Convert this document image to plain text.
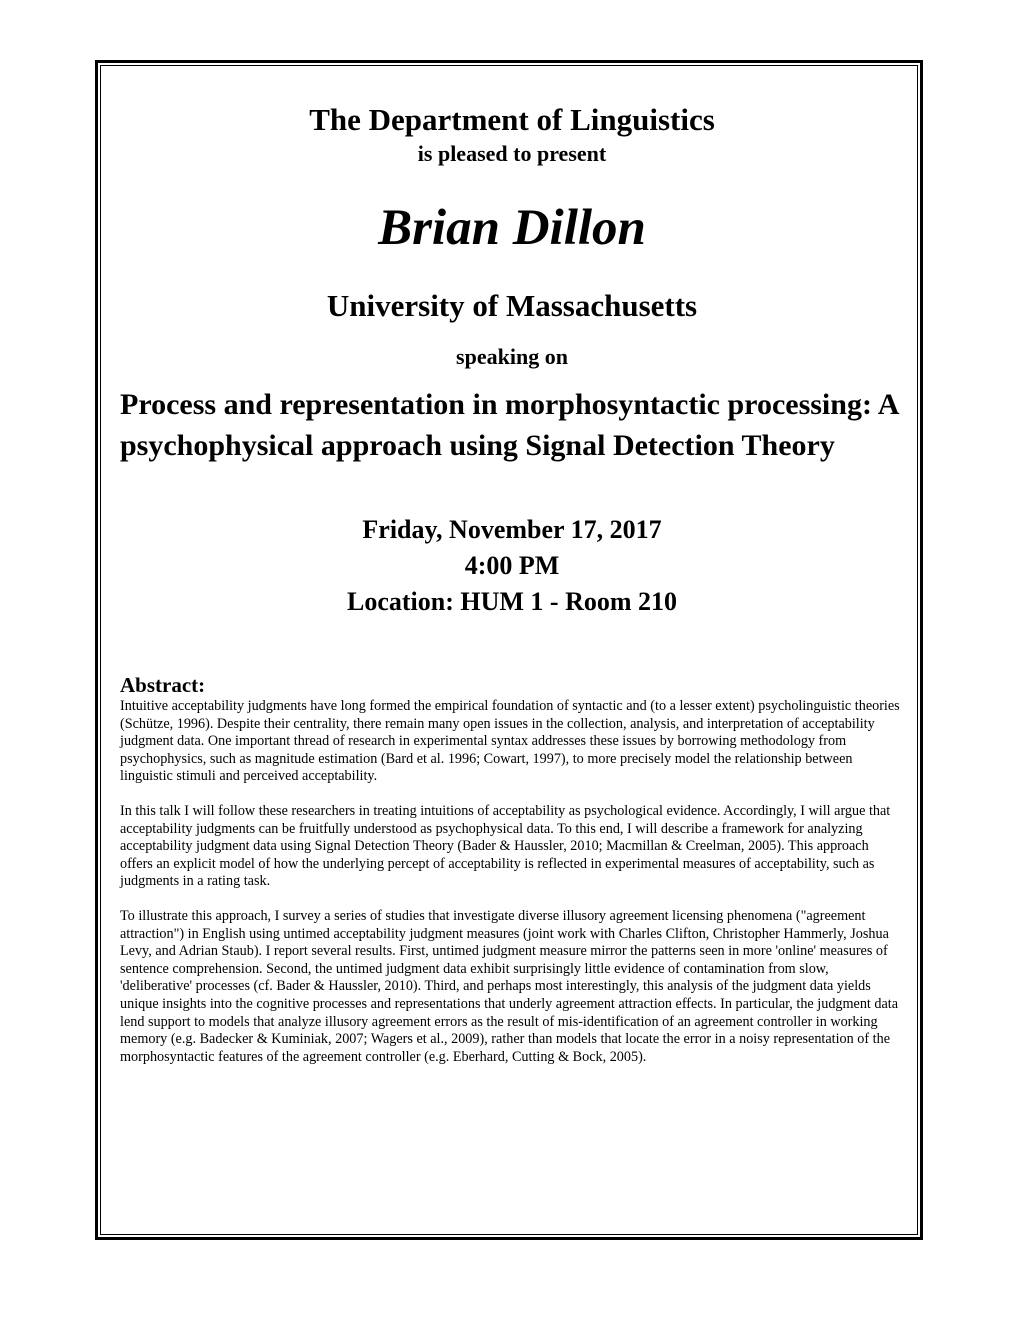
The Department of Linguistics

is pleased to present

Brian Dillon

University of Massachusetts

speaking on

Process and representation in morphosyntactic processing: A psychophysical approach using Signal Detection Theory

Friday, November 17, 2017
4:00 PM
Location: HUM 1 - Room 210

Abstract:

Intuitive acceptability judgments have long formed the empirical foundation of syntactic and (to a lesser extent) psycholinguistic theories (Schütze, 1996). Despite their centrality, there remain many open issues in the collection, analysis, and interpretation of acceptability judgment data. One important thread of research in experimental syntax addresses these issues by borrowing methodology from psychophysics, such as magnitude estimation (Bard et al. 1996; Cowart, 1997), to more precisely model the relationship between linguistic stimuli and perceived acceptability.

In this talk I will follow these researchers in treating intuitions of acceptability as psychological evidence. Accordingly, I will argue that acceptability judgments can be fruitfully understood as psychophysical data. To this end, I will describe a framework for analyzing acceptability judgment data using Signal Detection Theory (Bader & Haussler, 2010; Macmillan & Creelman, 2005). This approach offers an explicit model of how the underlying percept of acceptability is reflected in experimental measures of acceptability, such as judgments in a rating task.

To illustrate this approach, I survey a series of studies that investigate diverse illusory agreement licensing phenomena ("agreement attraction") in English using untimed acceptability judgment measures (joint work with Charles Clifton, Christopher Hammerly, Joshua Levy, and Adrian Staub). I report several results. First, untimed judgment measure mirror the patterns seen in more 'online' measures of sentence comprehension. Second, the untimed judgment data exhibit surprisingly little evidence of contamination from slow, 'deliberative' processes (cf. Bader & Haussler, 2010). Third, and perhaps most interestingly, this analysis of the judgment data yields unique insights into the cognitive processes and representations that underly agreement attraction effects. In particular, the judgment data lend support to models that analyze illusory agreement errors as the result of mis-identification of an agreement controller in working memory (e.g. Badecker & Kuminiak, 2007; Wagers et al., 2009), rather than models that locate the error in a noisy representation of the morphosyntactic features of the agreement controller (e.g. Eberhard, Cutting & Bock, 2005).
